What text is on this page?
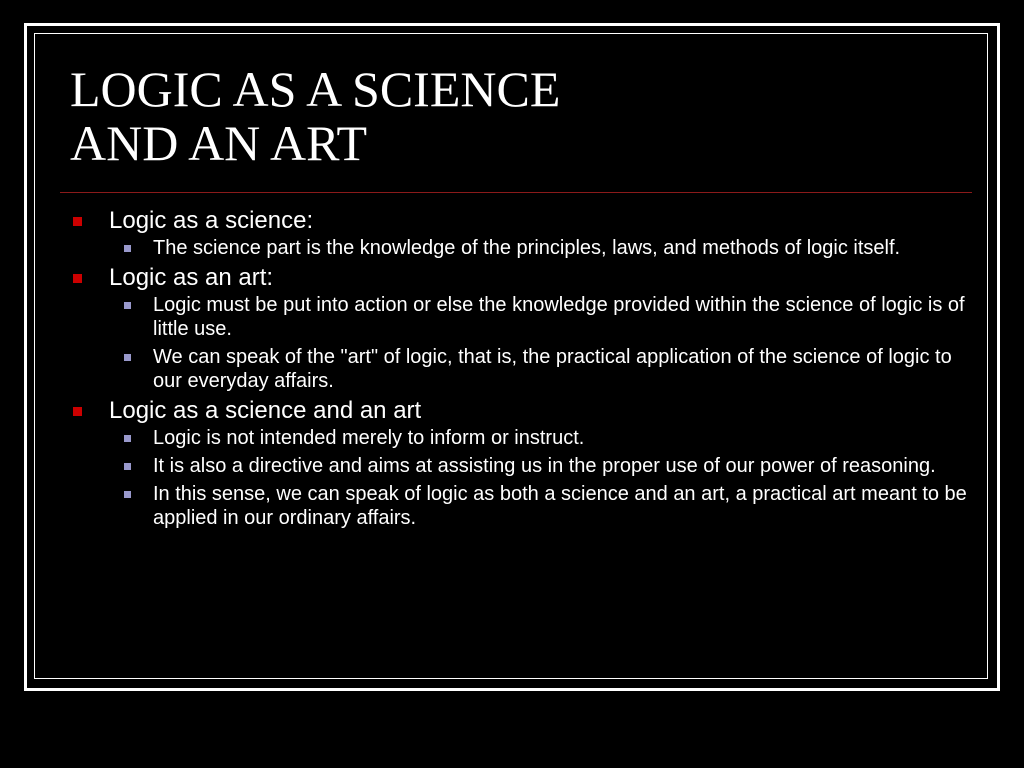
LOGIC AS A SCIENCE
AND AN ART
Logic as a science:
The science part is the knowledge of the principles, laws, and methods of logic itself.
Logic as an art:
Logic must be put into action or else the knowledge provided within the science of logic is of little use.
We can speak of the "art" of logic, that is, the practical application of the science of logic to our everyday affairs.
Logic as a science and an art
Logic is not intended merely to inform or instruct.
It is also a directive and aims at assisting us in the proper use of our power of reasoning.
In this sense, we can speak of logic as both a science and an art, a practical art meant to be applied in our ordinary affairs.
